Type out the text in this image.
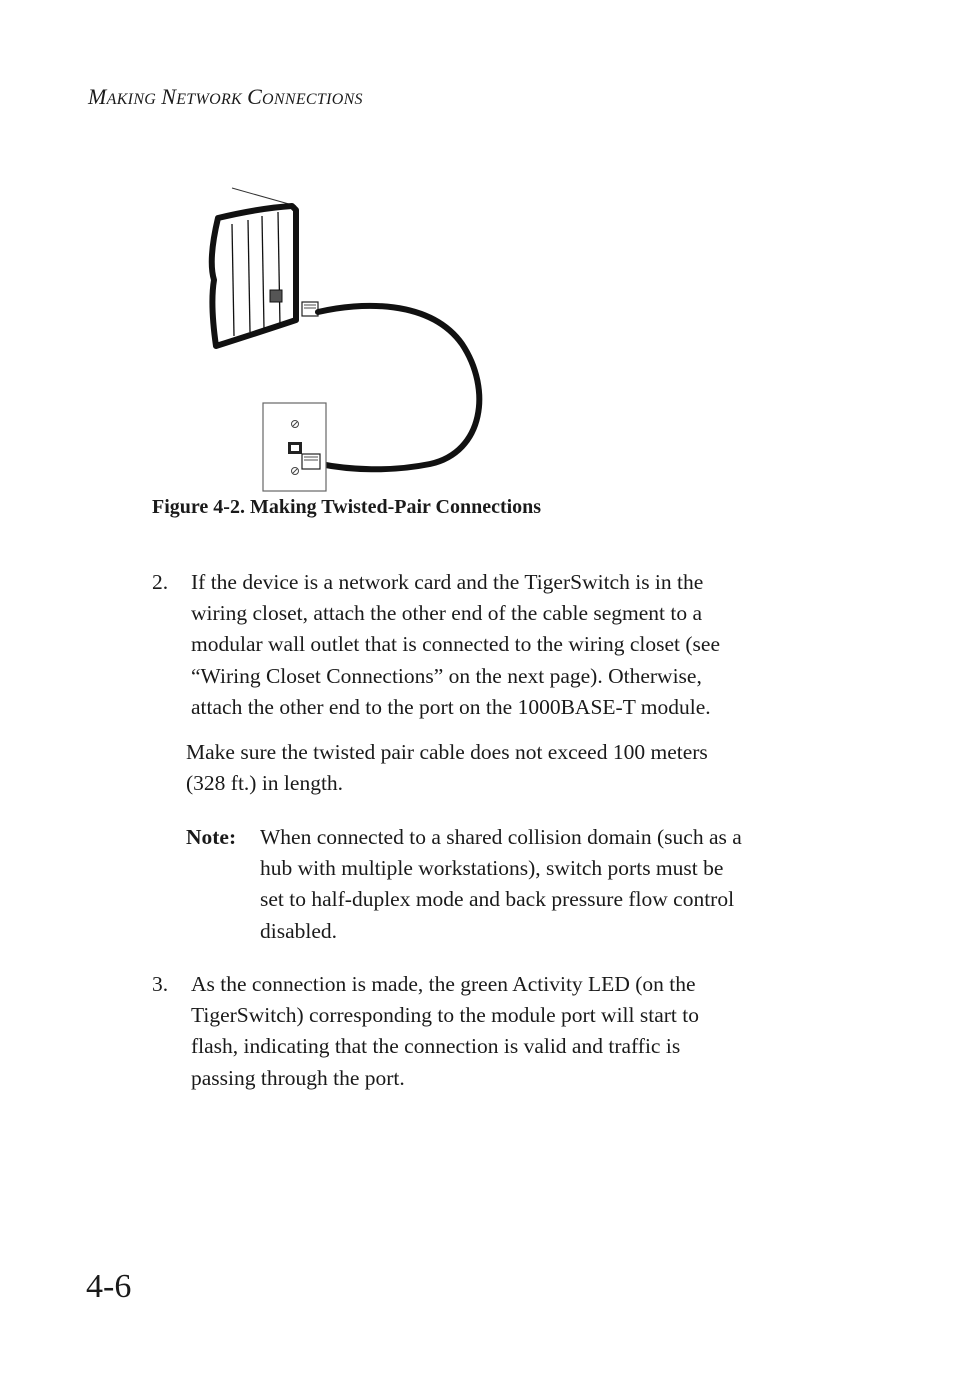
MAKING NETWORK CONNECTIONS
Figure 4-2. Making Twisted-Pair Connections
2. If the device is a network card and the TigerSwitch is in the
wiring closet, attach the other end of the cable segment to a
modular wall outlet that is connected to the wiring closet (see
“Wiring Closet Connections” on the next page). Otherwise,
attach the other end to the port on the 1000BASE-T module.
Make sure the twisted pair cable does not exceed 100 meters
(328 ft.) in length.
Note: When connected to a shared collision domain (such as a
hub with multiple workstations), switch ports must be
set to half-duplex mode and back pressure flow control
disabled.
3. As the connection is made, the green Activity LED (on the
TigerSwitch) corresponding to the module port will start to
flash, indicating that the connection is valid and traffic is
passing through the port.
4-6
